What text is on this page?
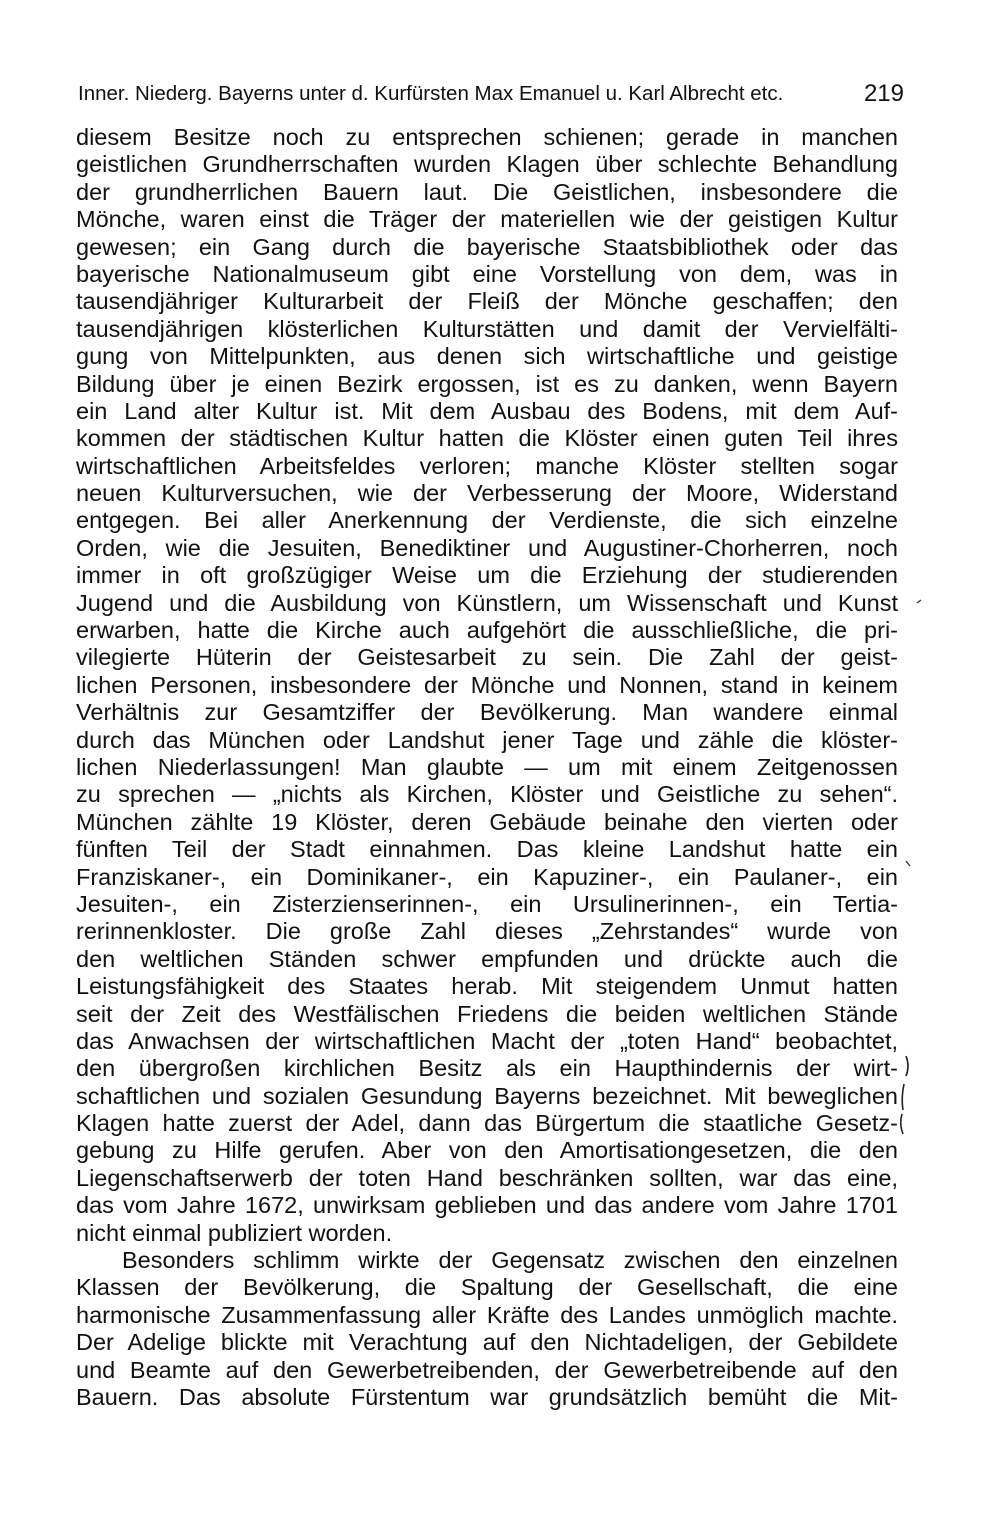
Inner. Niederg. Bayerns unter d. Kurfürsten Max Emanuel u. Karl Albrecht etc.	219
diesem Besitze noch zu entsprechen schienen; gerade in manchen
geistlichen Grundherrschaften wurden Klagen über schlechte Behandlung
der grundherrlichen Bauern laut. Die Geistlichen, insbesondere die
Mönche, waren einst die Träger der materiellen wie der geistigen Kultur
gewesen; ein Gang durch die bayerische Staatsbibliothek oder das
bayerische Nationalmuseum gibt eine Vorstellung von dem, was in
tausendjähriger Kulturarbeit der Fleiß der Mönche geschaffen; den
tausendjährigen klösterlichen Kulturstätten und damit der Vervielfälti-
gung von Mittelpunkten, aus denen sich wirtschaftliche und geistige
Bildung über je einen Bezirk ergossen, ist es zu danken, wenn Bayern
ein Land alter Kultur ist. Mit dem Ausbau des Bodens, mit dem Auf-
kommen der städtischen Kultur hatten die Klöster einen guten Teil ihres
wirtschaftlichen Arbeitsfeldes verloren; manche Klöster stellten sogar
neuen Kulturversuchen, wie der Verbesserung der Moore, Widerstand
entgegen. Bei aller Anerkennung der Verdienste, die sich einzelne
Orden, wie die Jesuiten, Benediktiner und Augustiner-Chorherren, noch
immer in oft großzügiger Weise um die Erziehung der studierenden
Jugend und die Ausbildung von Künstlern, um Wissenschaft und Kunst
erwarben, hatte die Kirche auch aufgehört die ausschließliche, die pri-
vilegierte Hüterin der Geistesarbeit zu sein. Die Zahl der geist-
lichen Personen, insbesondere der Mönche und Nonnen, stand in keinem
Verhältnis zur Gesamtziffer der Bevölkerung. Man wandere einmal
durch das München oder Landshut jener Tage und zähle die klöster-
lichen Niederlassungen! Man glaubte — um mit einem Zeitgenossen
zu sprechen — „nichts als Kirchen, Klöster und Geistliche zu sehen“.
München zählte 19 Klöster, deren Gebäude beinahe den vierten oder
fünften Teil der Stadt einnahmen. Das kleine Landshut hatte ein
Franziskaner-, ein Dominikaner-, ein Kapuziner-, ein Paulaner-, ein
Jesuiten-, ein Zisterzienserinnen-, ein Ursulinerinnen-, ein Tertia-
rerinnenkloster. Die große Zahl dieses „Zehrstandes“ wurde von
den weltlichen Ständen schwer empfunden und drückte auch die
Leistungsfähigkeit des Staates herab. Mit steigendem Unmut hatten
seit der Zeit des Westfälischen Friedens die beiden weltlichen Stände
das Anwachsen der wirtschaftlichen Macht der „toten Hand“ beobachtet,
den übergroßen kirchlichen Besitz als ein Haupthindernis der wirt-
schaftlichen und sozialen Gesundung Bayerns bezeichnet. Mit beweglichen
Klagen hatte zuerst der Adel, dann das Bürgertum die staatliche Gesetz-
gebung zu Hilfe gerufen. Aber von den Amortisationgesetzen, die den
Liegenschaftserwerb der toten Hand beschränken sollten, war das eine,
das vom Jahre 1672, unwirksam geblieben und das andere vom Jahre 1701
nicht einmal publiziert worden.
Besonders schlimm wirkte der Gegensatz zwischen den einzelnen
Klassen der Bevölkerung, die Spaltung der Gesellschaft, die eine
harmonische Zusammenfassung aller Kräfte des Landes unmöglich machte.
Der Adelige blickte mit Verachtung auf den Nichtadeligen, der Gebildete
und Beamte auf den Gewerbetreibenden, der Gewerbetreibende auf den
Bauern. Das absolute Fürstentum war grundsätzlich bemüht die Mit-
